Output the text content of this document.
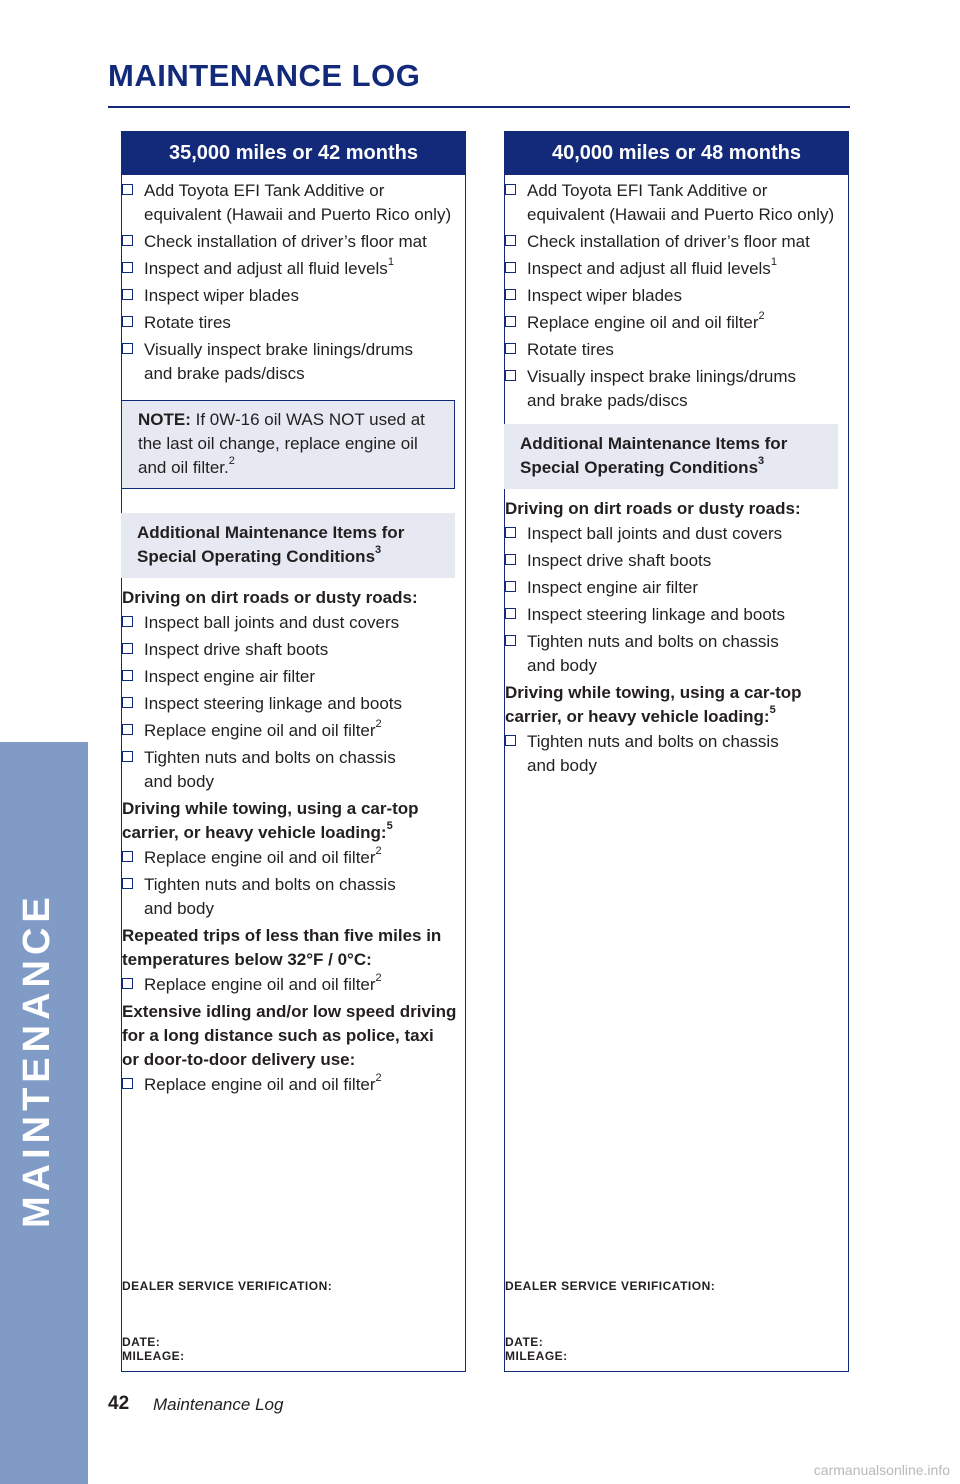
MAINTENANCE
MAINTENANCE LOG
35,000 miles or 42 months
Add Toyota EFI Tank Additive or
equivalent (Hawaii and Puerto Rico only)
Check installation of driver’s floor mat
Inspect and adjust all fluid levels$^1$
Inspect wiper blades
Rotate tires
Visually inspect brake linings/drums
and brake pads/discs
NOTE: If 0W-16 oil WAS NOT used at
the last oil change, replace engine oil
and oil filter.$^2$
Additional Maintenance Items for
Special Operating Conditions$^3$
Driving on dirt roads or dusty roads:
Inspect ball joints and dust covers
Inspect drive shaft boots
Inspect engine air filter
Inspect steering linkage and boots
Replace engine oil and oil filter$^2$
Tighten nuts and bolts on chassis
and body
Driving while towing, using a car-top
carrier, or heavy vehicle loading:$^5$
Replace engine oil and oil filter$^2$
Tighten nuts and bolts on chassis
and body
Repeated trips of less than five miles in
temperatures below 32°F / 0°C:
Replace engine oil and oil filter$^2$
Extensive idling and/or low speed driving
for a long distance such as police, taxi
or door-to-door delivery use:
Replace engine oil and oil filter$^2$
DEALER SERVICE VERIFICATION:
DATE:
MILEAGE:
40,000 miles or 48 months
Add Toyota EFI Tank Additive or
equivalent (Hawaii and Puerto Rico only)
Check installation of driver’s floor mat
Inspect and adjust all fluid levels$^1$
Inspect wiper blades
Replace engine oil and oil filter$^2$
Rotate tires
Visually inspect brake linings/drums
and brake pads/discs
Additional Maintenance Items for
Special Operating Conditions$^3$
Driving on dirt roads or dusty roads:
Inspect ball joints and dust covers
Inspect drive shaft boots
Inspect engine air filter
Inspect steering linkage and boots
Tighten nuts and bolts on chassis
and body
Driving while towing, using a car-top
carrier, or heavy vehicle loading:$^5$
Tighten nuts and bolts on chassis
and body
DEALER SERVICE VERIFICATION:
DATE:
MILEAGE:
42 Maintenance Log
carmanualsonline.info
